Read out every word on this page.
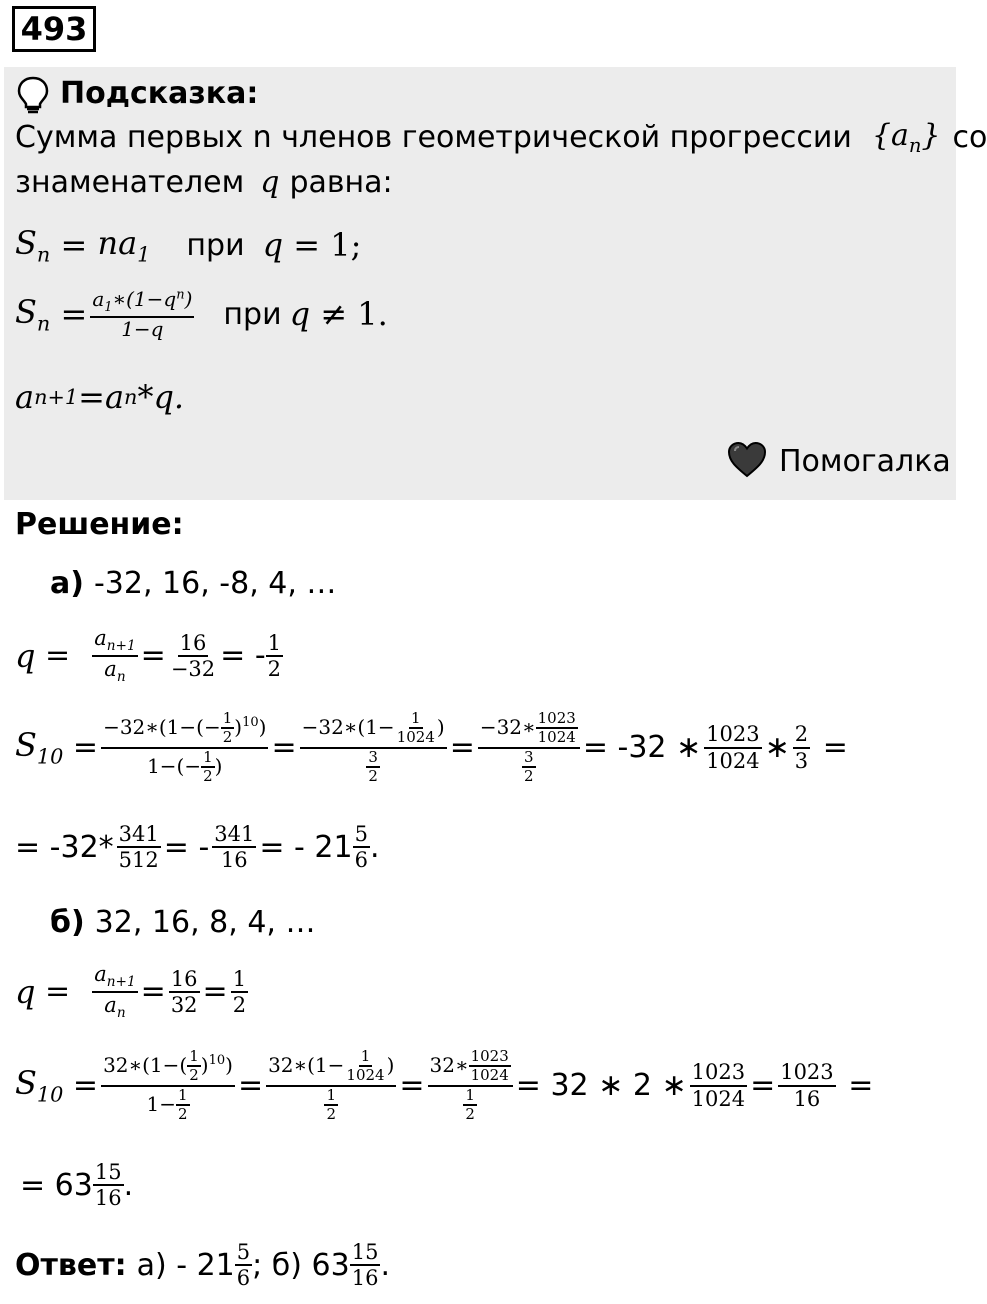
493
Подсказка:
Сумма первых n членов геометрической прогрессии $\{a_n\}$ со
знаменателем q равна:
$S_n = na_1$ при q = 1;
$S_n = \frac{a_1∗(1-q^n)}{1-q}$ при q ≠ 1.
a n+1 =a n *q.
Помогалка
Решение:
а) -32, 16, -8, 4, …
$q = \frac{a_{n+1}}{a_n} = \frac{16}{-32}$ = - $\frac{1}{2}$
$S_{10} = \frac{-32∗(1-(- \frac{1}{2} )^{10})}{1-(- \frac{1}{2} )} = \frac{-32∗(1- \frac{1}{1024} )}{\frac{3}{2}} = \frac{-32∗ \frac{1023}{1024}}{\frac{3}{2}} = -32$ ∗ $\frac{1023}{1024}$ ∗ $\frac{2}{3}$ =
= $-32* \frac{341}{512}$ = - $\frac{341}{16}$ = - $21 \frac{5}{6}$ .
б) 32, 16, 8, 4, …
$q = \frac{a_{n+1}}{a_n} = \frac{16}{32} = \frac{1}{2}$
$S_{10} = \frac{32∗(1-( \frac{1}{2} )^{10})}{1- \frac{1}{2}} = \frac{32∗(1- \frac{1}{1024} )}{\frac{1}{2}} = \frac{32∗ \frac{1023}{1024}}{\frac{1}{2}} = 32$ ∗ 2 ∗ $\frac{1023}{1024} = \frac{1023}{16}$ =
= $63 \frac{15}{16}$ .
Ответ: $а) - 21 \frac{5}{6}$ ; б) $63 \frac{15}{16}$ .
